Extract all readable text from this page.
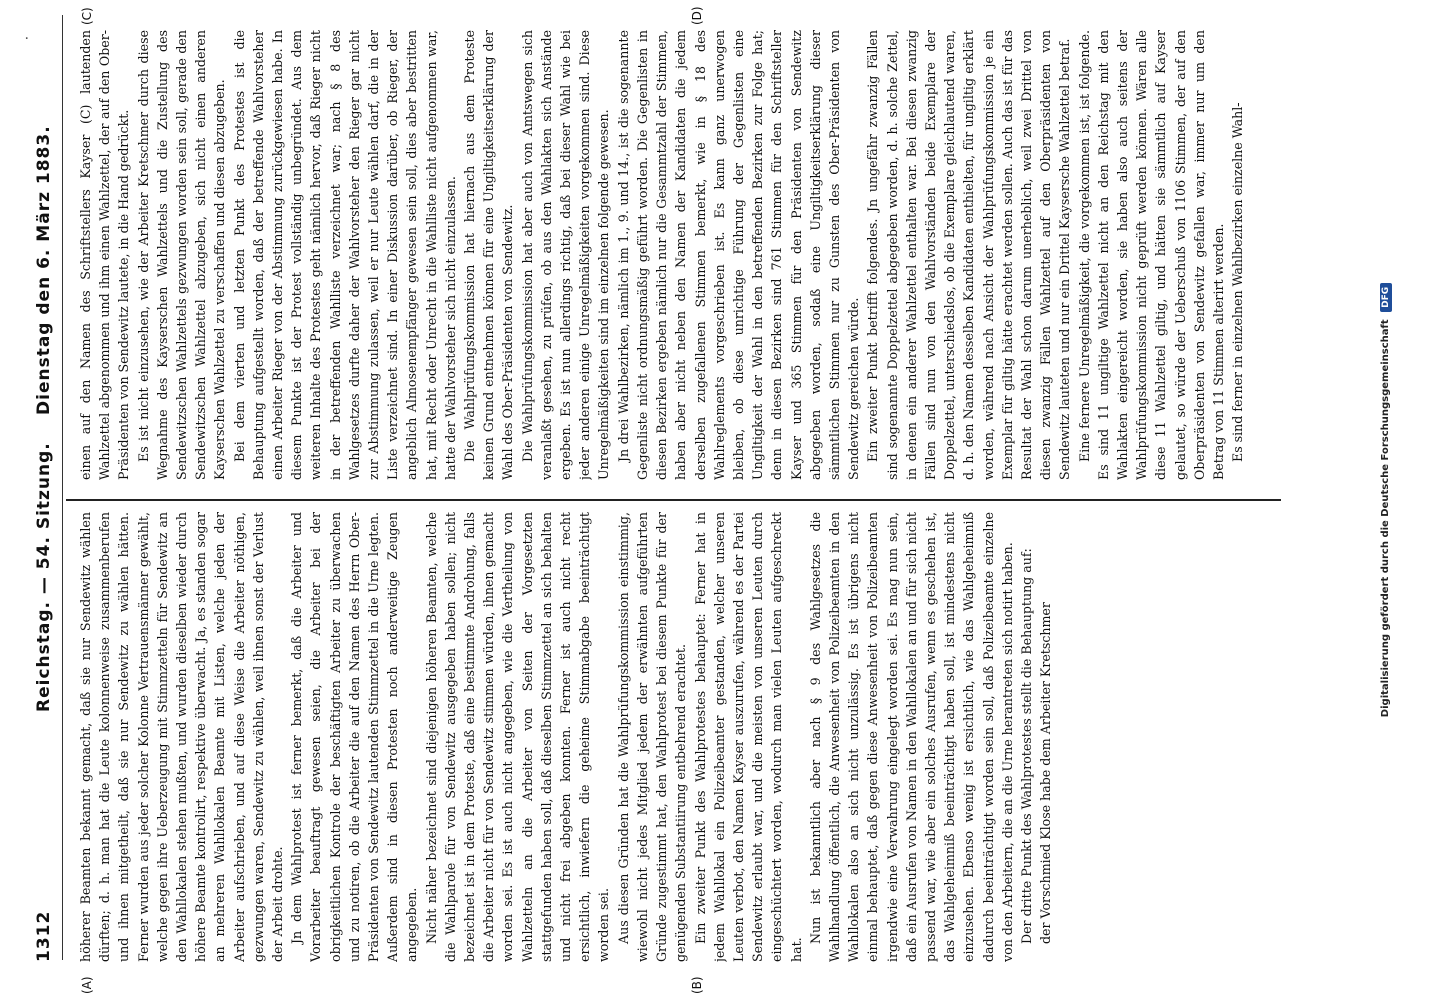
·
1312
Reichstag. — 54. Sitzung.
Dienstag den 6. März 1883.
(A)	(B)
(C)	(D)

höherer Beamten bekannt gemacht, daß sie nur Sendewitz wählen dürften; d. h. man hat die Leute kolonnenweise zusammenberufen und ihnen mitgetheilt, daß sie nur Sendewitz zu wählen hätten. Ferner wurden aus jeder solcher Kolonne Vertrauensmänner gewählt, welche gegen ihre Ueberzeugung mit Stimmzetteln für Sendewitz an den Wahllokalen stehen mußten, und wurden dieselben wieder durch höhere Beamte kontrolirt, respektive überwacht. Ja, es standen sogar an mehreren Wahllokalen Beamte mit Listen, welche jeden der Arbeiter aufschrieben, und auf diese Weise die Arbeiter nöthigen, gezwungen waren, Sendewitz zu wählen, weil ihnen sonst der Verlust der Arbeit drohte. Jn dem Wahlprotest ist ferner bemerkt, daß die Arbeiter und Vorarbeiter beauftragt gewesen seien, die Arbeiter bei der obrigkeitlichen Kontrole der beschäftigten Arbeiter zu überwachen und zu notiren, ob die Arbeiter die auf den Namen des Herrn Ober-Präsidenten von Sendewitz lautenden Stimmzettel in die Urne legten. Außerdem sind in diesen Protesten noch anderweitige Zeugen angegeben. Nicht näher bezeichnet sind diejenigen höheren Beamten, welche die Wahlparole für von Sendewitz ausgegeben haben sollen; nicht bezeichnet ist in dem Proteste, daß eine bestimmte Androhung, falls die Arbeiter nicht für von Sendewitz stimmen würden, ihnen gemacht worden sei. Es ist auch nicht angegeben, wie die Vertheilung von Wahlzetteln an die Arbeiter von Seiten der Vorgesetzten stattgefunden haben soll, daß dieselben Stimmzettel an sich behalten und nicht frei abgeben konnten. Ferner ist auch nicht recht ersichtlich, inwiefern die geheime Stimmabgabe beeinträchtigt worden sei. Aus diesen Gründen hat die Wahlprüfungskommission einstimmig, wiewohl nicht jedes Mitglied jedem der erwähnten aufgeführten Gründe zugestimmt hat, den Wahlprotest bei diesem Punkte für der genügenden Substantiirung entbehrend erachtet. Ein zweiter Punkt des Wahlprotestes behauptet: Ferner hat in jedem Wahllokal ein Polizeibeamter gestanden, welcher unseren Leuten verbot, den Namen Kayser auszurufen, während es der Partei Sendewitz erlaubt war, und die meisten von unseren Leuten durch eingeschüchtert worden, wodurch man vielen Leuten aufgeschreckt hat.

Nun ist bekanntlich aber nach § 9 des Wahlgesetzes die Wahlhandlung öffentlich, die Anwesenheit von Polizeibeamten in den Wahllokalen also an sich nicht unzulässig. Es ist übrigens nicht einmal behauptet, daß gegen diese Anwesenheit von Polizeibeamten irgendwie eine Verwahrung eingelegt worden sei. Es mag nun sein, daß ein Ausrufen von Namen in den Wahllokalen an und für sich nicht passend war, wie aber ein solches Ausrufen, wenn es geschehen ist, das Wahlgeheimniß beeinträchtigt haben soll, ist mindestens nicht einzusehen. Ebenso wenig ist ersichtlich, wie das Wahlgeheimniß dadurch beeinträchtigt worden sein soll, daß Polizeibeamte einzelne von den Arbeitern, die an die Urne herantreten sich notirt haben. Der dritte Punkt des Wahlprotestes stellt die Behauptung auf: der Vorschmied Klose habe dem Arbeiter Kretschmer

einen auf den Namen des Schriftstellers Kayser (C) lautenden Wahlzettel abgenommen und ihm einen Wahlzettel, der auf den Ober-Präsidenten von Sendewitz lautete, in die Hand gedrückt. Es ist nicht einzusehen, wie der Arbeiter Kretschmer durch diese Wegnahme des Kayserschen Wahlzettels und die Zustellung des Sendewitzschen Wahlzettels gezwungen worden sein soll, gerade den Sendewitzschen Wahlzettel abzugeben, sich nicht einen anderen Kayserschen Wahlzettel zu verschaffen und diesen abzugeben. Bei dem vierten und letzten Punkt des Protestes ist die Behauptung aufgestellt worden, daß der betreffende Wahlvorsteher einen Arbeiter Rieger von der Abstimmung zurückgewiesen habe. In diesem Punkte ist der Protest vollständig unbegründet. Aus dem weiteren Inhalte des Protestes geht nämlich hervor, daß Rieger nicht in der betreffenden Wahlliste verzeichnet war; nach § 8 des Wahlgesetzes durfte daher der Wahlvorsteher den Rieger gar nicht zur Abstimmung zulassen, weil er nur Leute wählen darf, die in der Liste verzeichnet sind. In einer Diskussion darüber, ob Rieger, der angeblich Almosenempfänger gewesen sein soll, dies aber bestritten hat, mit Recht oder Unrecht in die Wahlliste nicht aufgenommen war, hatte der Wahlvorsteher sich nicht einzulassen. Die Wahlprüfungskommission hat hiernach aus dem Proteste keinen Grund entnehmen können für eine Ungiltigkeitserklärung der Wahl des Ober-Präsidenten von Sendewitz. Die Wahlprüfungskommission hat aber auch von Amtswegen sich veranlaßt gesehen, zu prüfen, ob aus den Wahlakten sich Anstände ergeben. Es ist nun allerdings richtig, daß bei dieser Wahl wie bei jeder anderen einige Unregelmäßigkeiten vorgekommen sind. Diese Unregelmäßigkeiten sind im einzelnen folgende gewesen. Jn drei Wahlbezirken, nämlich im 1., 9. und 14., ist die sogenannte Gegenliste nicht ordnungsmäßig geführt worden. Die Gegenlisten in diesen Bezirken ergeben nämlich nur die Gesammtzahl der Stimmen, haben aber nicht neben den Namen der Kandidaten die jedem derselben zugefallenen Stimmen bemerkt, wie in § 18 des Wahlreglements vorgeschrieben ist. Es kann ganz unerwogen bleiben, ob diese unrichtige Führung der Gegenlisten eine Ungiltigkeit der Wahl in den betreffenden Bezirken zur Folge hat; denn in diesen Bezirken sind 761 Stimmen für den Schriftsteller Kayser und 365 Stimmen für den Präsidenten von Sendewitz abgegeben worden, sodaß eine Ungiltigkeitserklärung dieser sämmtlichen Stimmen nur zu Gunsten des Ober-Präsidenten von Sendewitz gereichen würde. Ein zweiter Punkt betrifft folgendes. Jn ungefähr zwanzig Fällen sind sogenannte Doppelzettel abgegeben worden, d. h. solche Zettel, in denen ein anderer Wahlzettel enthalten war. Bei diesen zwanzig Fällen sind nun von den Wahlvorständen beide Exemplare der Doppelzettel, unterschiedslos, ob die Exemplare gleichlautend waren, d. h. den Namen desselben Kandidaten enthielten, für ungiltig erklärt worden, während nach Ansicht der Wahlprüfungskommission je ein Exemplar für giltig hätte erachtet werden sollen. Auch das ist für das Resultat der Wahl schon darum unerheblich, weil zwei Drittel von diesen zwanzig Fällen Wahlzettel auf den Oberpräsidenten von Sendewitz lauteten und nur ein Drittel Kaysersche Wahlzettel betraf. Eine fernere Unregelmäßigkeit, die vorgekommen ist, ist folgende. Es sind 11 ungiltige Wahlzettel nicht an den Reichstag mit den Wahlakten eingereicht worden, sie haben also auch seitens der Wahlprüfungskommission nicht geprüft werden können. Wären alle diese 11 Wahlzettel giltig, und hätten sie sämmtlich auf Kayser gelautet, so würde der Ueberschuß von 1106 Stimmen, der auf den Oberpräsidenten von Sendewitz gefallen war, immer nur um den Betrag von 11 Stimmen alterirt werden. Es sind ferner in einzelnen Wahlbezirken einzelne Wahl-

Digitalisierung gefördert durch die Deutsche Forschungsgemeinschaft DFG
